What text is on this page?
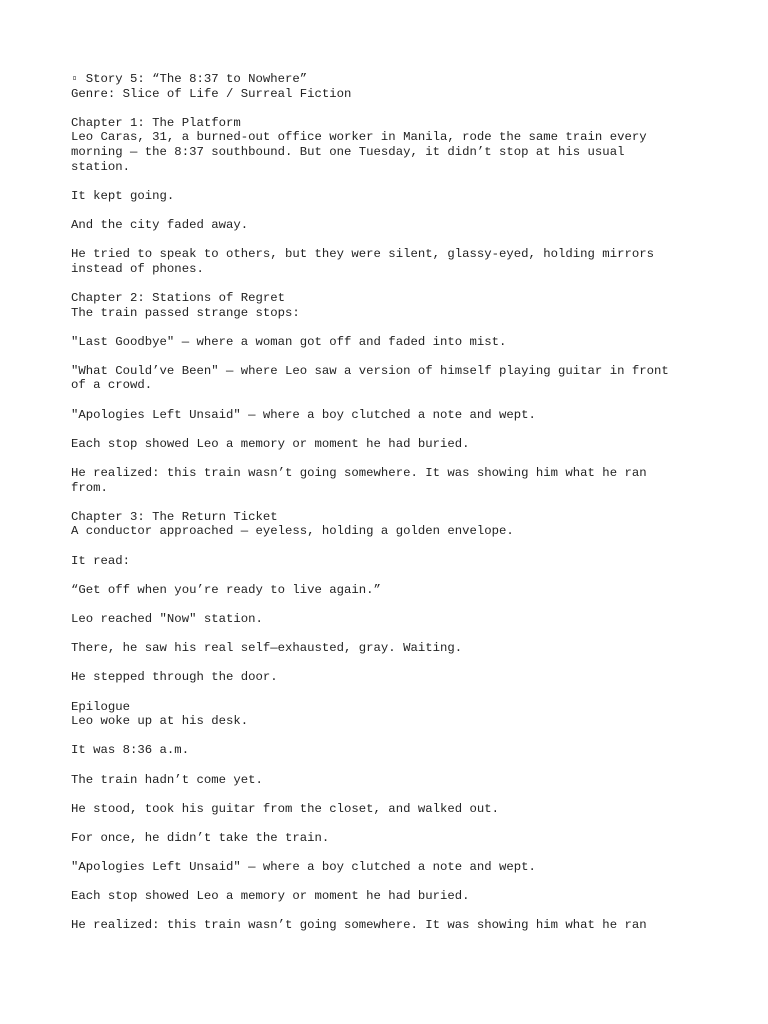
▫ Story 5: “The 8:37 to Nowhere”
Genre: Slice of Life / Surreal Fiction
Chapter 1: The Platform
Leo Caras, 31, a burned-out office worker in Manila, rode the same train every
morning — the 8:37 southbound. But one Tuesday, it didn’t stop at his usual
station.
It kept going.
And the city faded away.
He tried to speak to others, but they were silent, glassy-eyed, holding mirrors
instead of phones.
Chapter 2: Stations of Regret
The train passed strange stops:
"Last Goodbye" — where a woman got off and faded into mist.
"What Could’ve Been" — where Leo saw a version of himself playing guitar in front
of a crowd.
"Apologies Left Unsaid" — where a boy clutched a note and wept.
Each stop showed Leo a memory or moment he had buried.
He realized: this train wasn’t going somewhere. It was showing him what he ran
from.
Chapter 3: The Return Ticket
A conductor approached — eyeless, holding a golden envelope.
It read:
“Get off when you’re ready to live again.”
Leo reached "Now" station.
There, he saw his real self—exhausted, gray. Waiting.
He stepped through the door.
Epilogue
Leo woke up at his desk.
It was 8:36 a.m.
The train hadn’t come yet.
He stood, took his guitar from the closet, and walked out.
For once, he didn’t take the train.
"Apologies Left Unsaid" — where a boy clutched a note and wept.
Each stop showed Leo a memory or moment he had buried.
He realized: this train wasn’t going somewhere. It was showing him what he ran
